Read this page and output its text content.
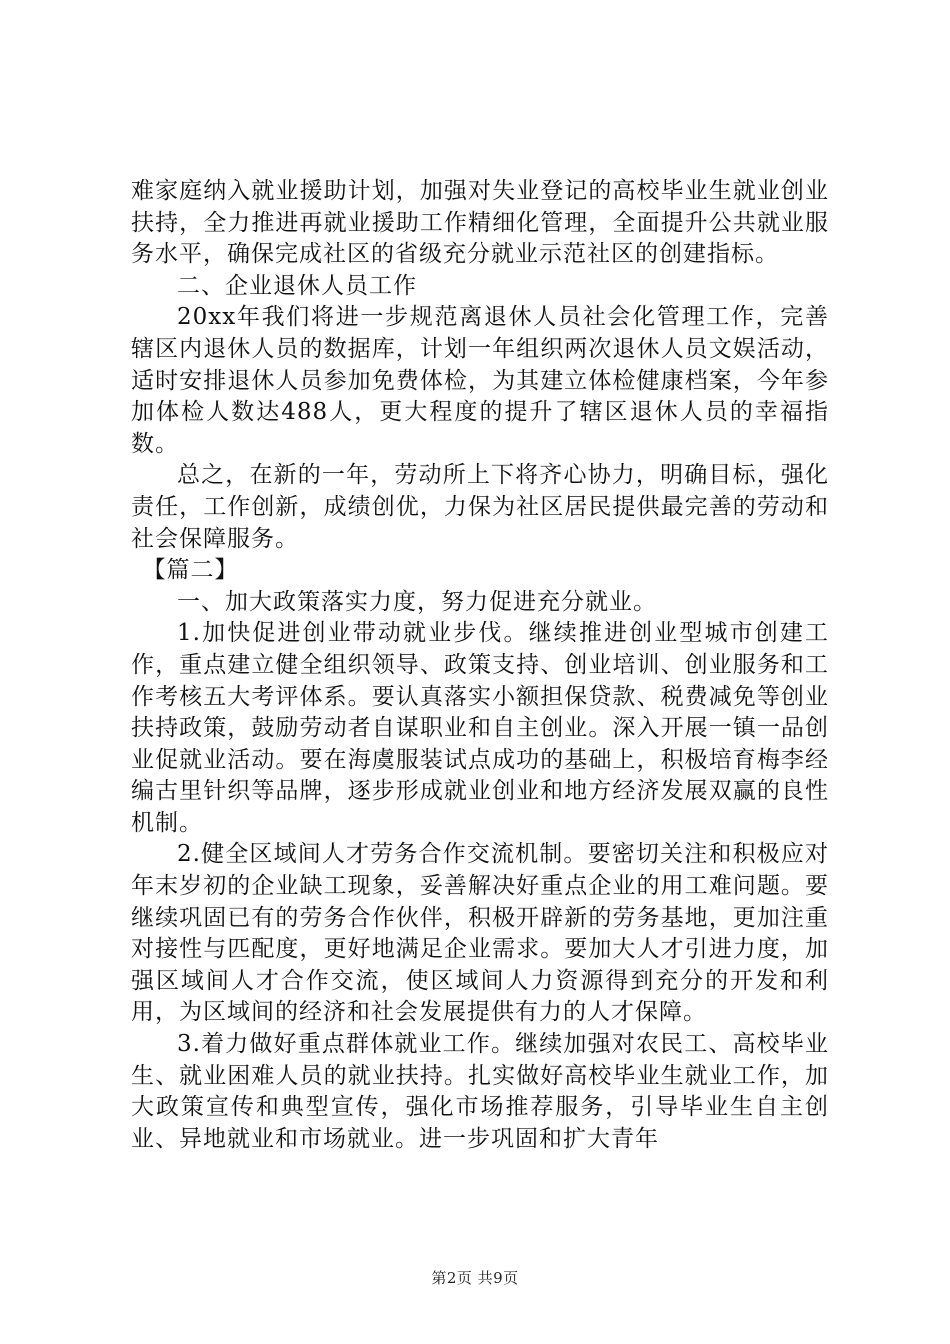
难家庭纳入就业援助计划，加强对失业登记的高校毕业生就业创业扶持，全力推进再就业援助工作精细化管理，全面提升公共就业服务水平，确保完成社区的省级充分就业示范社区的创建指标。

二、企业退休人员工作

20xx年我们将进一步规范离退休人员社会化管理工作，完善辖区内退休人员的数据库，计划一年组织两次退休人员文娱活动，适时安排退休人员参加免费体检，为其建立体检健康档案，今年参加体检人数达488人，更大程度的提升了辖区退休人员的幸福指数。

总之，在新的一年，劳动所上下将齐心协力，明确目标，强化责任，工作创新，成绩创优，力保为社区居民提供最完善的劳动和社会保障服务。

【篇二】

一、加大政策落实力度，努力促进充分就业。

1.加快促进创业带动就业步伐。继续推进创业型城市创建工作，重点建立健全组织领导、政策支持、创业培训、创业服务和工作考核五大考评体系。要认真落实小额担保贷款、税费减免等创业扶持政策，鼓励劳动者自谋职业和自主创业。深入开展一镇一品创业促就业活动。要在海虞服装试点成功的基础上，积极培育梅李经编古里针织等品牌，逐步形成就业创业和地方经济发展双赢的良性机制。

2.健全区域间人才劳务合作交流机制。要密切关注和积极应对年末岁初的企业缺工现象，妥善解决好重点企业的用工难问题。要继续巩固已有的劳务合作伙伴，积极开辟新的劳务基地，更加注重对接性与匹配度，更好地满足企业需求。要加大人才引进力度，加强区域间人才合作交流，使区域间人力资源得到充分的开发和利用，为区域间的经济和社会发展提供有力的人才保障。

3.着力做好重点群体就业工作。继续加强对农民工、高校毕业生、就业困难人员的就业扶持。扎实做好高校毕业生就业工作，加大政策宣传和典型宣传，强化市场推荐服务，引导毕业生自主创业、异地就业和市场就业。进一步巩固和扩大青年

第2页 共9页
